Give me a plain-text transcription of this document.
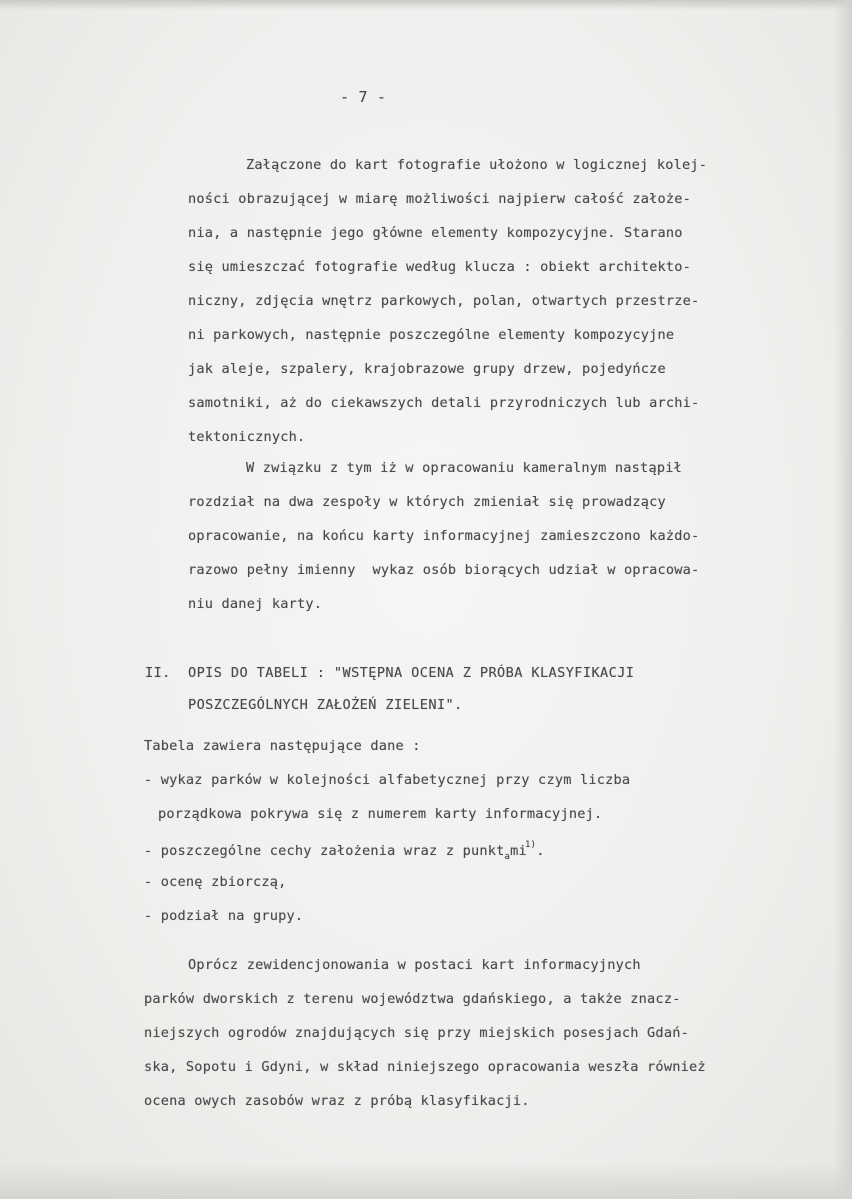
- 7 -
Załączone do kart fotografie ułożono w logicznej kolej-
ności obrazującej w miarę możliwości najpierw całość założe-
nia, a następnie jego główne elementy kompozycyjne. Starano
się umieszczać fotografie według klucza : obiekt architekto-
niczny, zdjęcia wnętrz parkowych, polan, otwartych przestrze-
ni parkowych, następnie poszczególne elementy kompozycyjne
jak aleje, szpalery, krajobrazowe grupy drzew, pojedyńcze
samotniki, aż do ciekawszych detali przyrodniczych lub archi-
tektonicznych.
W związku z tym iż w opracowaniu kameralnym nastąpił
rozdział na dwa zespoły w których zmieniał się prowadzący
opracowanie, na końcu karty informacyjnej zamieszczono każdo-
razowo pełny imienny  wykaz osób biorących udział w opracowa-
niu danej karty.
II. OPIS DO TABELI : "WSTĘPNA OCENA Z PRÓBA KLASYFIKACJI
POSZCZEGÓLNYCH ZAŁOŻEŃ ZIELENI".
Tabela zawiera następujące dane :
- wykaz parków w kolejności alfabetycznej przy czym liczba
porządkowa pokrywa się z numerem karty informacyjnej.
- poszczególne cechy założenia wraz z punkt$_a$mi$^{1)}$.
- ocenę zbiorczą,
- podział na grupy.
Oprócz zewidencjonowania w postaci kart informacyjnych
parków dworskich z terenu województwa gdańskiego, a także znacz-
niejszych ogrodów znajdujących się przy miejskich posesjach Gdań-
ska, Sopotu i Gdyni, w skład niniejszego opracowania weszła również
ocena owych zasobów wraz z próbą klasyfikacji.
